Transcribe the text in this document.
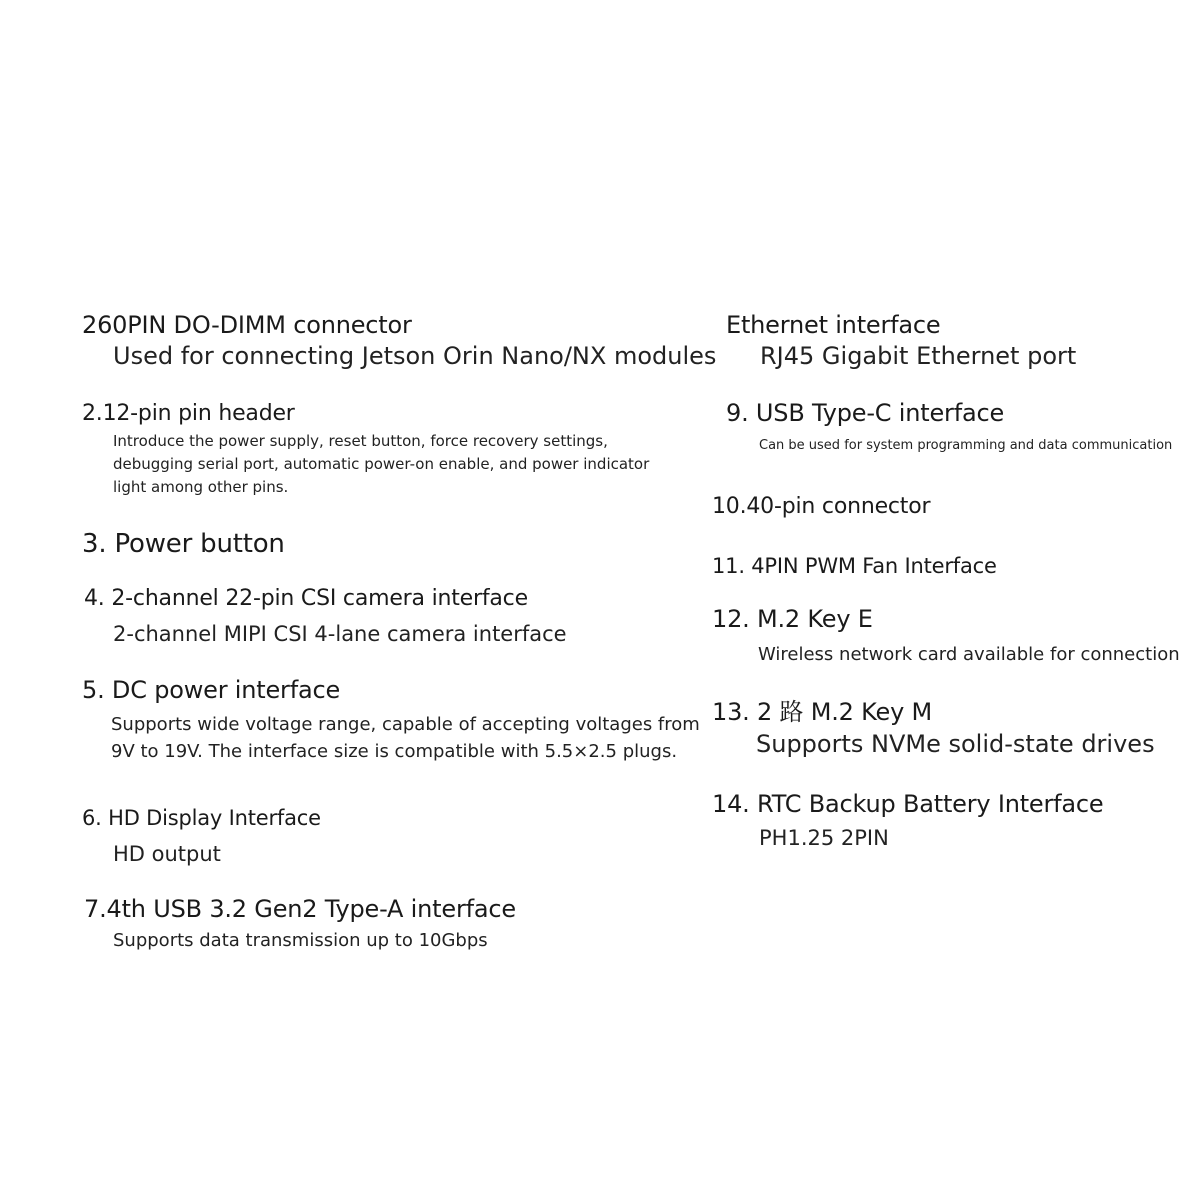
260PIN DO-DIMM connector
Used for connecting Jetson Orin Nano/NX modules
2.12-pin pin header
Introduce the power supply, reset button, force recovery settings,
debugging serial port, automatic power-on enable, and power indicator
light among other pins.
3. Power button
4. 2-channel 22-pin CSI camera interface
2-channel MIPI CSI 4-lane camera interface
5. DC power interface
Supports wide voltage range, capable of accepting voltages from
9V to 19V. The interface size is compatible with 5.5×2.5 plugs.
6. HD Display Interface
HD output
7.4th USB 3.2 Gen2 Type-A interface
Supports data transmission up to 10Gbps
Ethernet interface
RJ45 Gigabit Ethernet port
9. USB Type-C interface
Can be used for system programming and data communication
10.40-pin connector
11. 4PIN PWM Fan Interface
12. M.2 Key E
Wireless network card available for connection
13. 2 路 M.2 Key M
Supports NVMe solid-state drives
14. RTC Backup Battery Interface
PH1.25 2PIN
